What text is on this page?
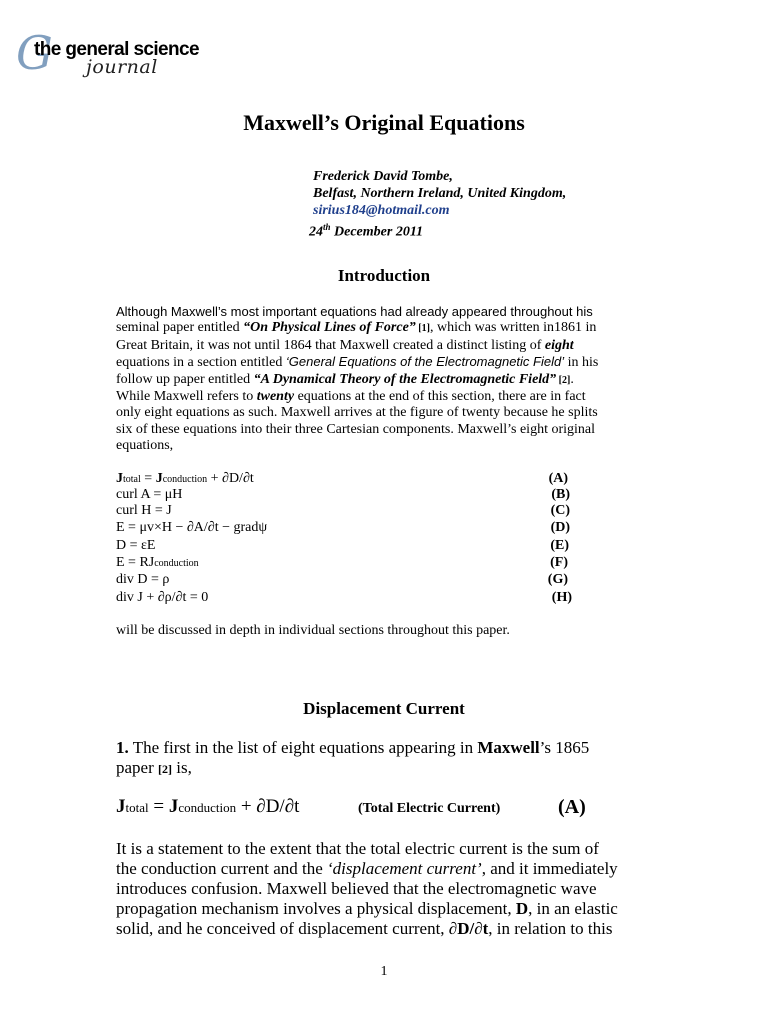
G
the general science
journal
Maxwell’s Original Equations
Frederick David Tombe,
Belfast, Northern Ireland, United Kingdom,
sirius184@hotmail.com
24th December 2011
Introduction
Although Maxwell’s most important equations had already appeared throughout his
seminal paper entitled “On Physical Lines of Force” [1], which was written in1861 in
Great Britain, it was not until 1864 that Maxwell created a distinct listing of eight
equations in a section entitled ‘General Equations of the Electromagnetic Field’ in his
follow up paper entitled “A Dynamical Theory of the Electromagnetic Field” [2].
While Maxwell refers to twenty equations at the end of this section, there are in fact
only eight equations as such. Maxwell arrives at the figure of twenty because he splits
six of these equations into their three Cartesian components. Maxwell’s eight original
equations,
Jtotal = Jconduction + ∂D/∂t	(A)
curl A = μH	(B)
curl H = J	(C)
E = μv×H − ∂A/∂t − gradψ	(D)
D = εE	(E)
E = RJconduction	(F)
div D = ρ	(G)
div J + ∂ρ/∂t = 0	(H)
will be discussed in depth in individual sections throughout this paper.
Displacement Current
1. The first in the list of eight equations appearing in Maxwell’s 1865
paper [2] is,
Jtotal = Jconduction + ∂D/∂t	(Total Electric Current)	(A)
It is a statement to the extent that the total electric current is the sum of
the conduction current and the ‘displacement current’, and it immediately
introduces confusion. Maxwell believed that the electromagnetic wave
propagation mechanism involves a physical displacement, D, in an elastic
solid, and he conceived of displacement current, ∂D/∂t, in relation to this
1
